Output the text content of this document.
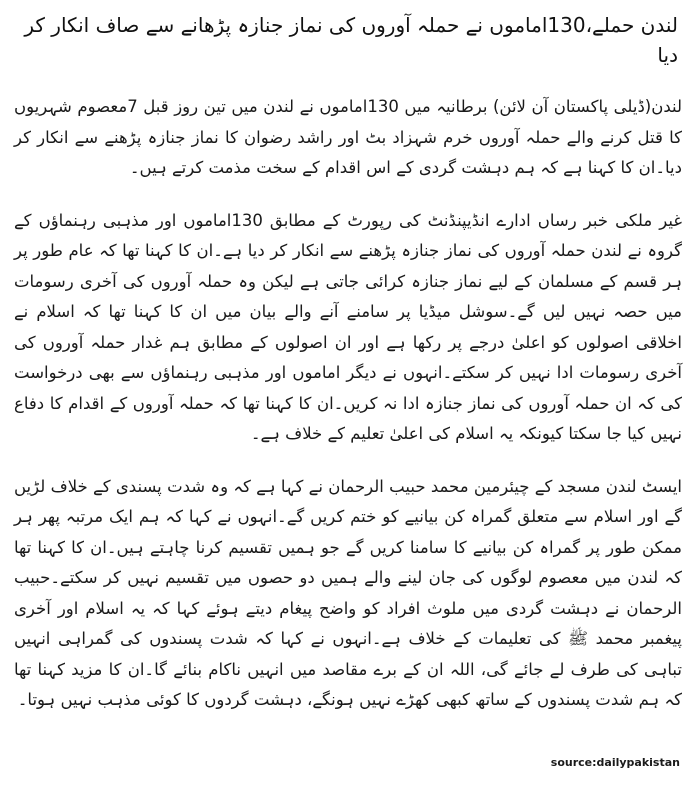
لندن حملے،130اماموں نے حملہ آوروں کی نماز جنازہ پڑھانے سے صاف انکار کر دیا

لندن(ڈیلی پاکستان آن لائن) برطانیہ میں 130اماموں نے لندن میں تین روز قبل 7معصوم شہریوں کا قتل کرنے والے حملہ آوروں خرم شہزاد بٹ اور راشد رضوان کا نماز جنازہ پڑھنے سے انکار کر دیا۔ان کا کہنا ہے کہ ہم دہشت گردی کے اس اقدام کے سخت مذمت کرتے ہیں۔

غیر ملکی خبر رساں ادارے انڈیپنڈنٹ کی رپورٹ کے مطابق 130اماموں اور مذہبی رہنماؤں کے گروہ نے لندن حملہ آوروں کی نماز جنازہ پڑھنے سے انکار کر دیا ہے۔ان کا کہنا تھا کہ عام طور پر ہر قسم کے مسلمان کے لیے نماز جنازہ کرائی جاتی ہے لیکن وہ حملہ آوروں کی آخری رسومات میں حصہ نہیں لیں گے۔سوشل میڈیا پر سامنے آنے والے بیان میں ان کا کہنا تھا کہ اسلام نے اخلاقی اصولوں کو اعلیٰ درجے پر رکھا ہے اور ان اصولوں کے مطابق ہم غدار حملہ آوروں کی آخری رسومات ادا نہیں کر سکتے۔انہوں نے دیگر اماموں اور مذہبی رہنماؤں سے بھی درخواست کی کہ ان حملہ آوروں کی نماز جنازہ ادا نہ کریں۔ان کا کہنا تھا کہ حملہ آوروں کے اقدام کا دفاع نہیں کیا جا سکتا کیونکہ یہ اسلام کی اعلیٰ تعلیم کے خلاف ہے۔

ایسٹ لندن مسجد کے چیئرمین محمد حبیب الرحمان نے کہا ہے کہ وہ شدت پسندی کے خلاف لڑیں گے اور اسلام سے متعلق گمراہ کن بیانیے کو ختم کریں گے۔انہوں نے کہا کہ ہم ایک مرتبہ پھر ہر ممکن طور پر گمراہ کن بیانیے کا سامنا کریں گے جو ہمیں تقسیم کرنا چاہتے ہیں۔ان کا کہنا تھا کہ لندن میں معصوم لوگوں کی جان لینے والے ہمیں دو حصوں میں تقسیم نہیں کر سکتے۔حبیب الرحمان نے دہشت گردی میں ملوث افراد کو واضح پیغام دیتے ہوئے کہا کہ یہ اسلام اور آخری پیغمبر محمد ﷺ کی تعلیمات کے خلاف ہے۔انہوں نے کہا کہ شدت پسندوں کی گمراہی انہیں تباہی کی طرف لے جائے گی، اللہ ان کے برے مقاصد میں انہیں ناکام بنائے گا۔ان کا مزید کہنا تھا کہ ہم شدت پسندوں کے ساتھ کبھی کھڑے نہیں ہونگے، دہشت گردوں کا کوئی مذہب نہیں ہوتا۔

source:dailypakistan
